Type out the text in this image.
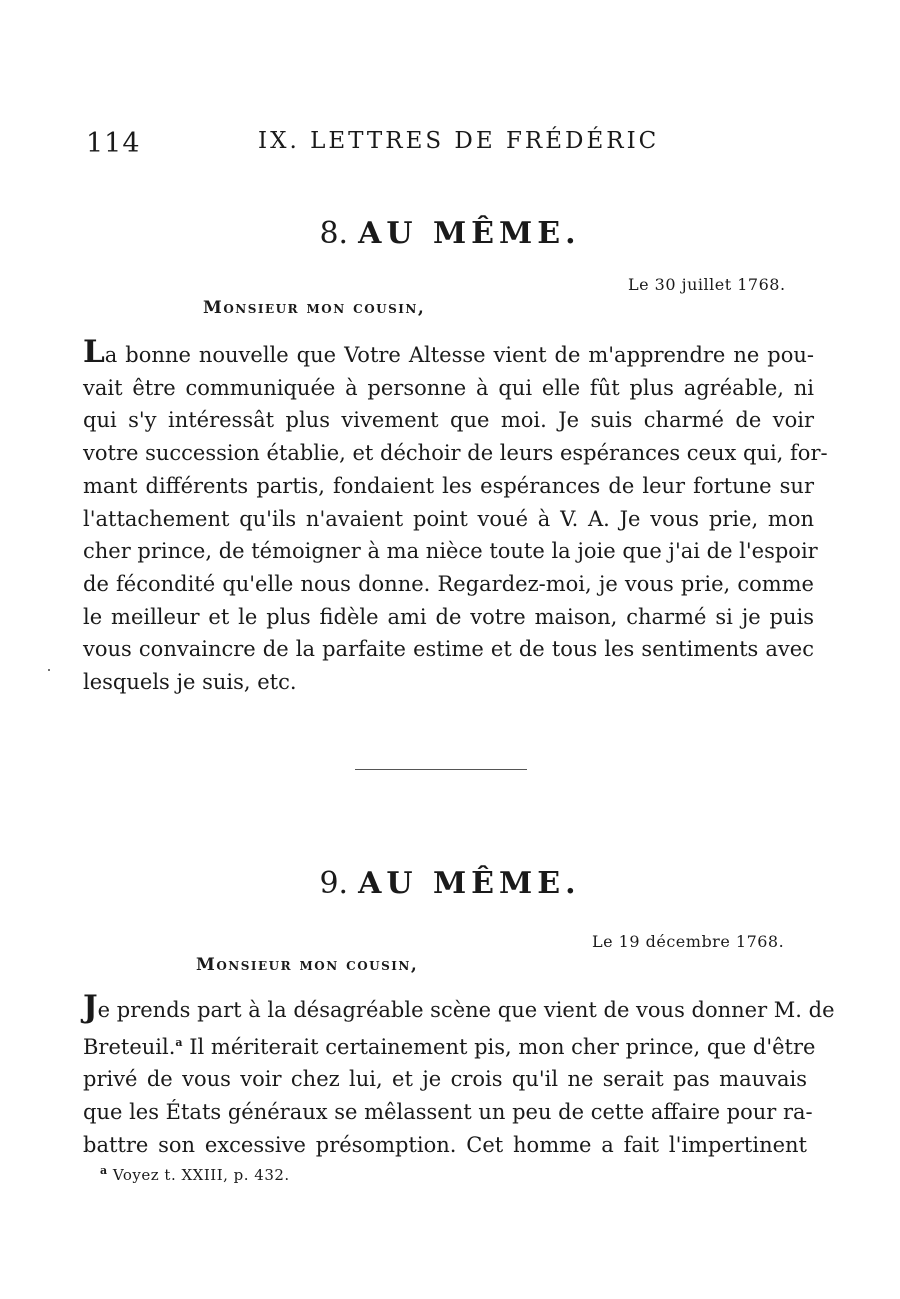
114	IX. LETTRES DE FRÉDÉRIC
8. AU MÊME.
Le 30 juillet 1768.
Monsieur mon cousin,
La bonne nouvelle que Votre Altesse vient de m'apprendre ne pou-
vait être communiquée à personne à qui elle fût plus agréable, ni
qui s'y intéressât plus vivement que moi. Je suis charmé de voir
votre succession établie, et déchoir de leurs espérances ceux qui, for-
mant différents partis, fondaient les espérances de leur fortune sur
l'attachement qu'ils n'avaient point voué à V. A. Je vous prie, mon
cher prince, de témoigner à ma nièce toute la joie que j'ai de l'espoir
de fécondité qu'elle nous donne. Regardez-moi, je vous prie, comme
le meilleur et le plus fidèle ami de votre maison, charmé si je puis
vous convaincre de la parfaite estime et de tous les sentiments avec
lesquels je suis, etc.
9. AU MÊME.
Le 19 décembre 1768.
Monsieur mon cousin,
Je prends part à la désagréable scène que vient de vous donner M. de
Breteuil.$^a$ Il mériterait certainement pis, mon cher prince, que d'être
privé de vous voir chez lui, et je crois qu'il ne serait pas mauvais
que les États généraux se mêlassent un peu de cette affaire pour ra-
battre son excessive présomption. Cet homme a fait l'impertinent
$^a$ Voyez t. XXIII, p. 432.
